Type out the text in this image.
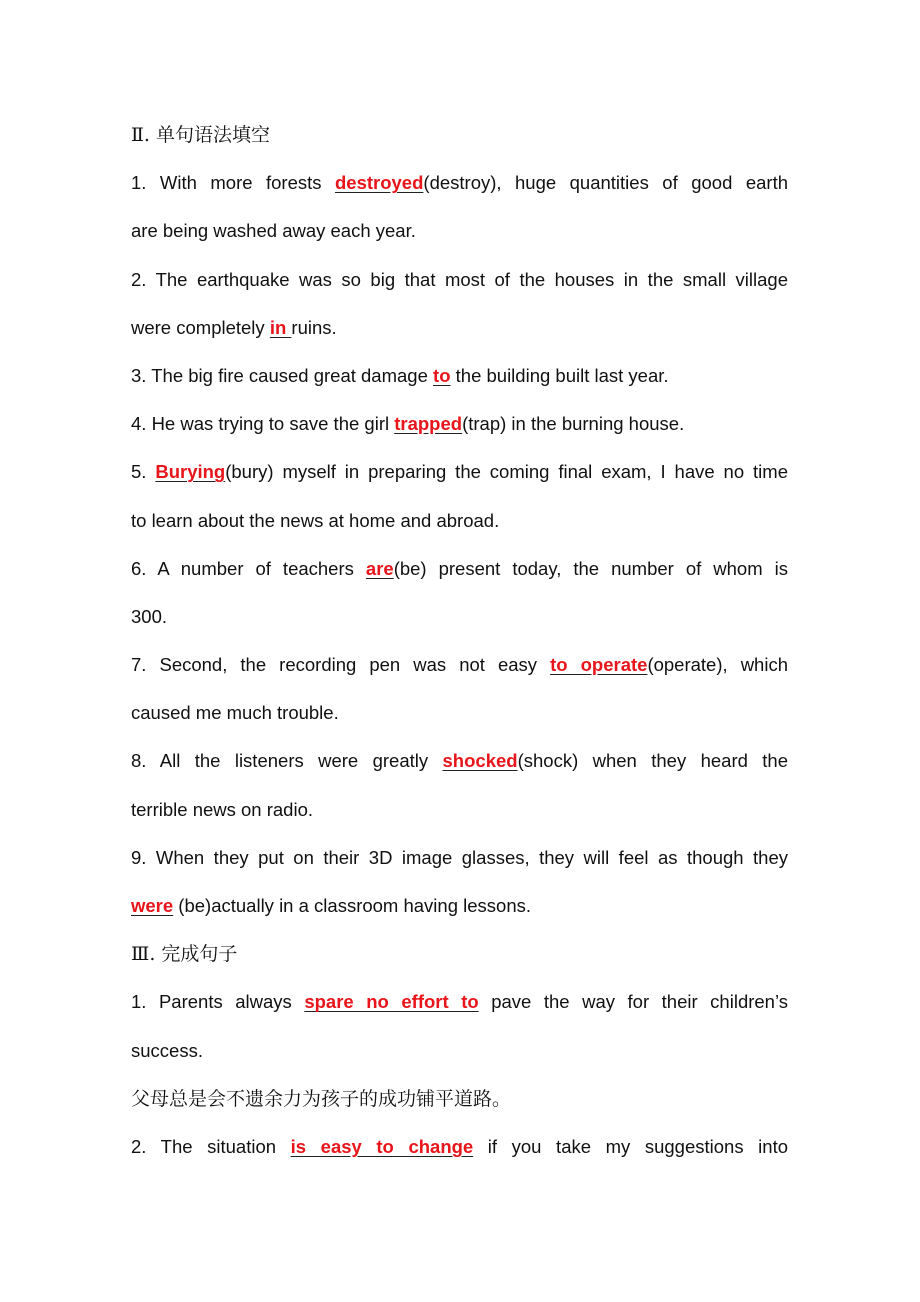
Ⅱ. 单句语法填空
1. With more forests destroyed(destroy), huge quantities of good earth
are being washed away each year.
2. The earthquake was so big that most of the houses in the small village
were completely in ruins.
3. The big fire caused great damage to the building built last year.
4. He was trying to save the girl trapped(trap) in the burning house.
5. Burying(bury) myself in preparing the coming final exam, I have no time
to learn about the news at home and abroad.
6. A number of teachers are(be) present today, the number of whom is
300.
7. Second, the recording pen was not easy to operate(operate), which
caused me much trouble.
8. All the listeners were greatly shocked(shock) when they heard the
terrible news on radio.
9. When they put on their 3D image glasses, they will feel as though they
were (be)actually in a classroom having lessons.
Ⅲ. 完成句子
1. Parents always spare no effort to pave the way for their children’s
success.
父母总是会不遗余力为孩子的成功铺平道路。
2. The situation is easy to change if you take my suggestions into
